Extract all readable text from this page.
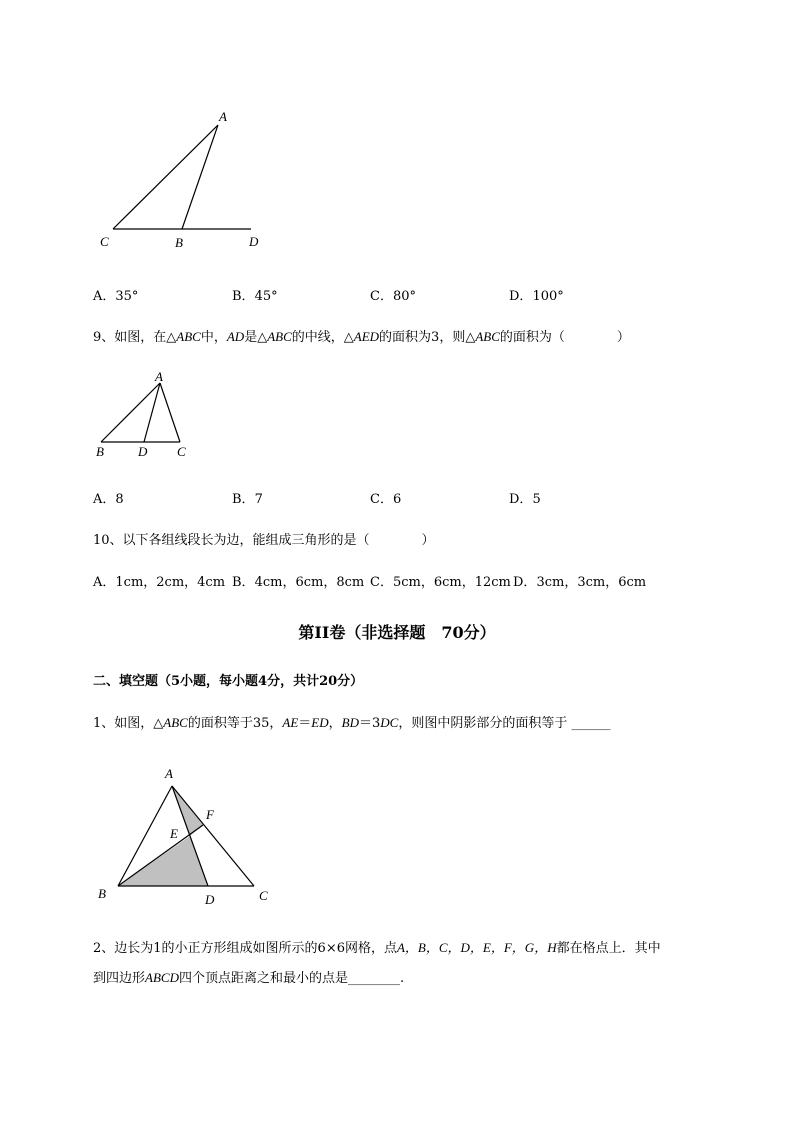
A
C	B	D
A．35°	B．45°	C．80°	D．100°
9、如图，在△ABC中，AD是△ABC的中线，△AED的面积为3，则△ABC的面积为（　　　　）
A
B	D C
A．8	B．7	C．6	D．5
10、以下各组线段长为边，能组成三角形的是（　　　　）
A．1cm，2cm，4cm B．4cm，6cm，8cm C．5cm，6cm，12cm D．3cm，3cm，6cm
第II卷（非选择题　70分）
二、填空题（5小题，每小题4分，共计20分）
1、如图，△ABC的面积等于35，AE＝ED，BD＝3DC，则图中阴影部分的面积等于 ______
A
F
E
B	D	C
2、边长为1的小正方形组成如图所示的6×6网格，点A，B，C，D，E，F，G，H都在格点上．其中
到四边形ABCD四个顶点距离之和最小的点是________.
